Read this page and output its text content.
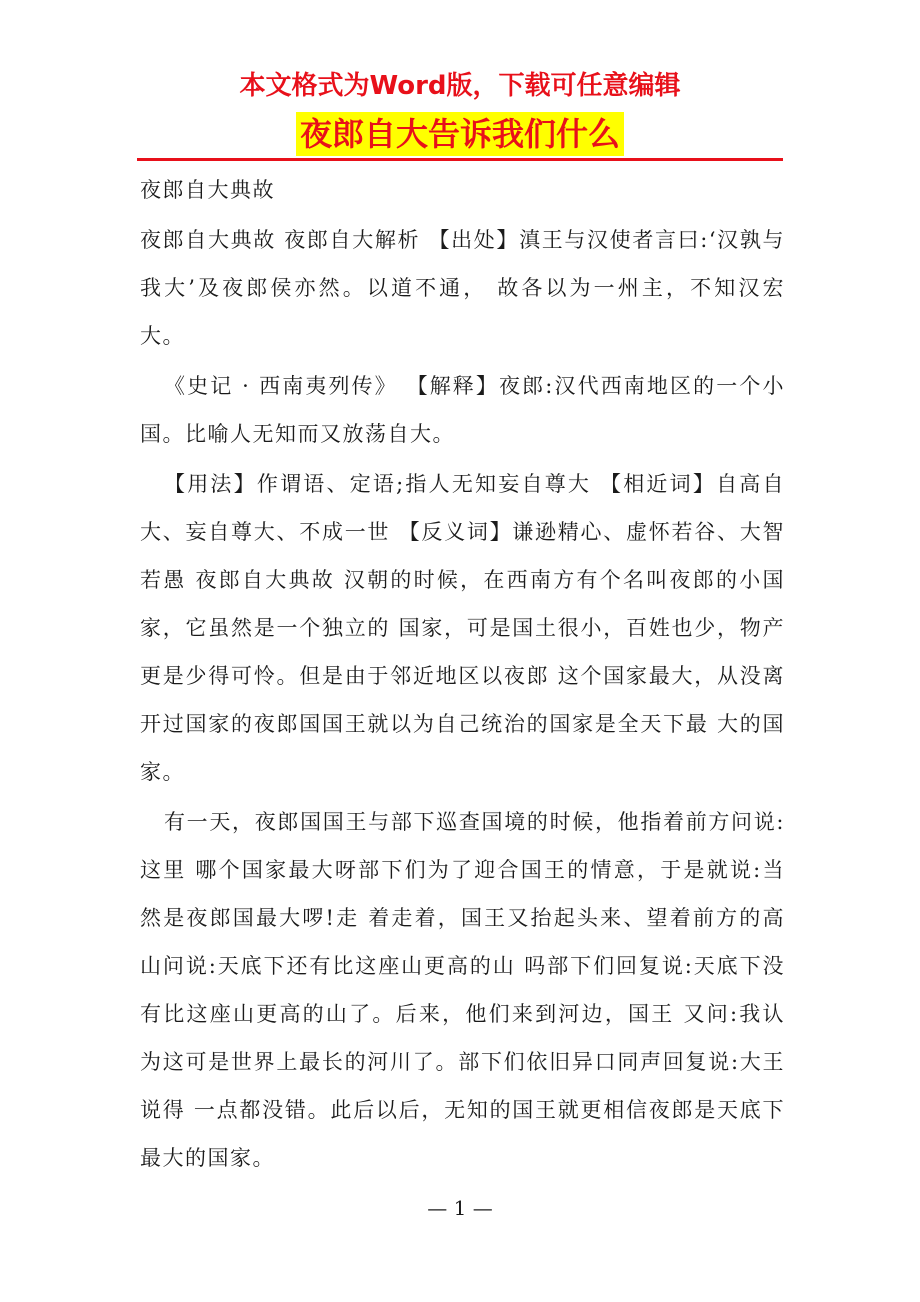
本文格式为Word版，下载可任意编辑
夜郎自大告诉我们什么

夜郎自大典故

夜郎自大典故 夜郎自大解析 【出处】滇王与汉使者言曰:‘汉孰与我大’及夜郎侯亦然。以道不通， 故各以为一州主，不知汉宏大。

《史记 · 西南夷列传》 【解释】夜郎:汉代西南地区的一个小国。比喻人无知而又放荡自大。

【用法】作谓语、定语;指人无知妄自尊大 【相近词】自高自大、妄自尊大、不成一世 【反义词】谦逊精心、虚怀若谷、大智若愚 夜郎自大典故 汉朝的时候，在西南方有个名叫夜郎的小国家，它虽然是一个独立的 国家，可是国土很小，百姓也少，物产更是少得可怜。但是由于邻近地区以夜郎 这个国家最大，从没离开过国家的夜郎国国王就以为自己统治的国家是全天下最 大的国家。

有一天，夜郎国国王与部下巡查国境的时候，他指着前方问说:这里 哪个国家最大呀部下们为了迎合国王的情意，于是就说:当然是夜郎国最大啰!走 着走着，国王又抬起头来、望着前方的高山问说:天底下还有比这座山更高的山 吗部下们回复说:天底下没有比这座山更高的山了。后来，他们来到河边，国王 又问:我认为这可是世界上最长的河川了。部下们依旧异口同声回复说:大王说得 一点都没错。此后以后，无知的国王就更相信夜郎是天底下最大的国家。

— 1 —
